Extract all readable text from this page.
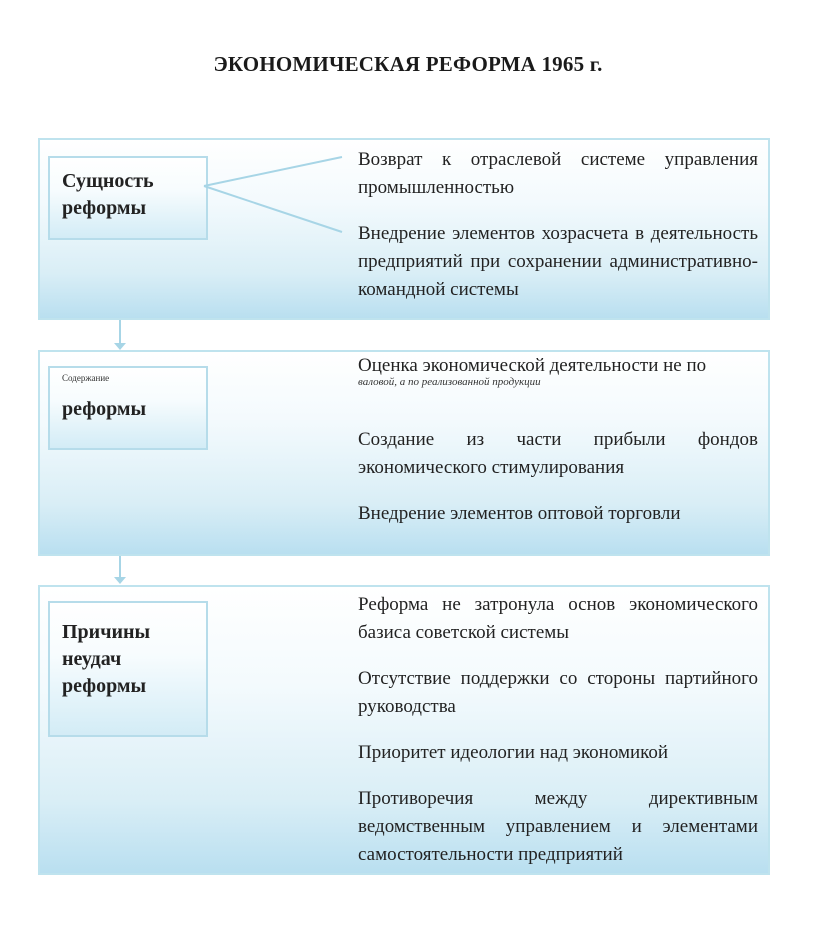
ЭКОНОМИЧЕСКАЯ РЕФОРМА 1965 г.
Сущность реформы

Возврат к отраслевой системе управления промышленностью

Внедрение элементов хозрасчета в деятельность предприятий при сохранении административно-командной системы

Содержание
реформы

Оценка экономической деятельности не по

валовой, а по реализованной продукции

Создание из части прибыли фондов экономического стимулирования

Внедрение элементов оптовой торговли

Причины неудач реформы

Реформа не затронула основ экономического базиса советской системы

Отсутствие поддержки со стороны партийного руководства

Приоритет идеологии над экономикой

Противоречия между директивным ведомственным управлением и элементами самостоятельности предприятий
